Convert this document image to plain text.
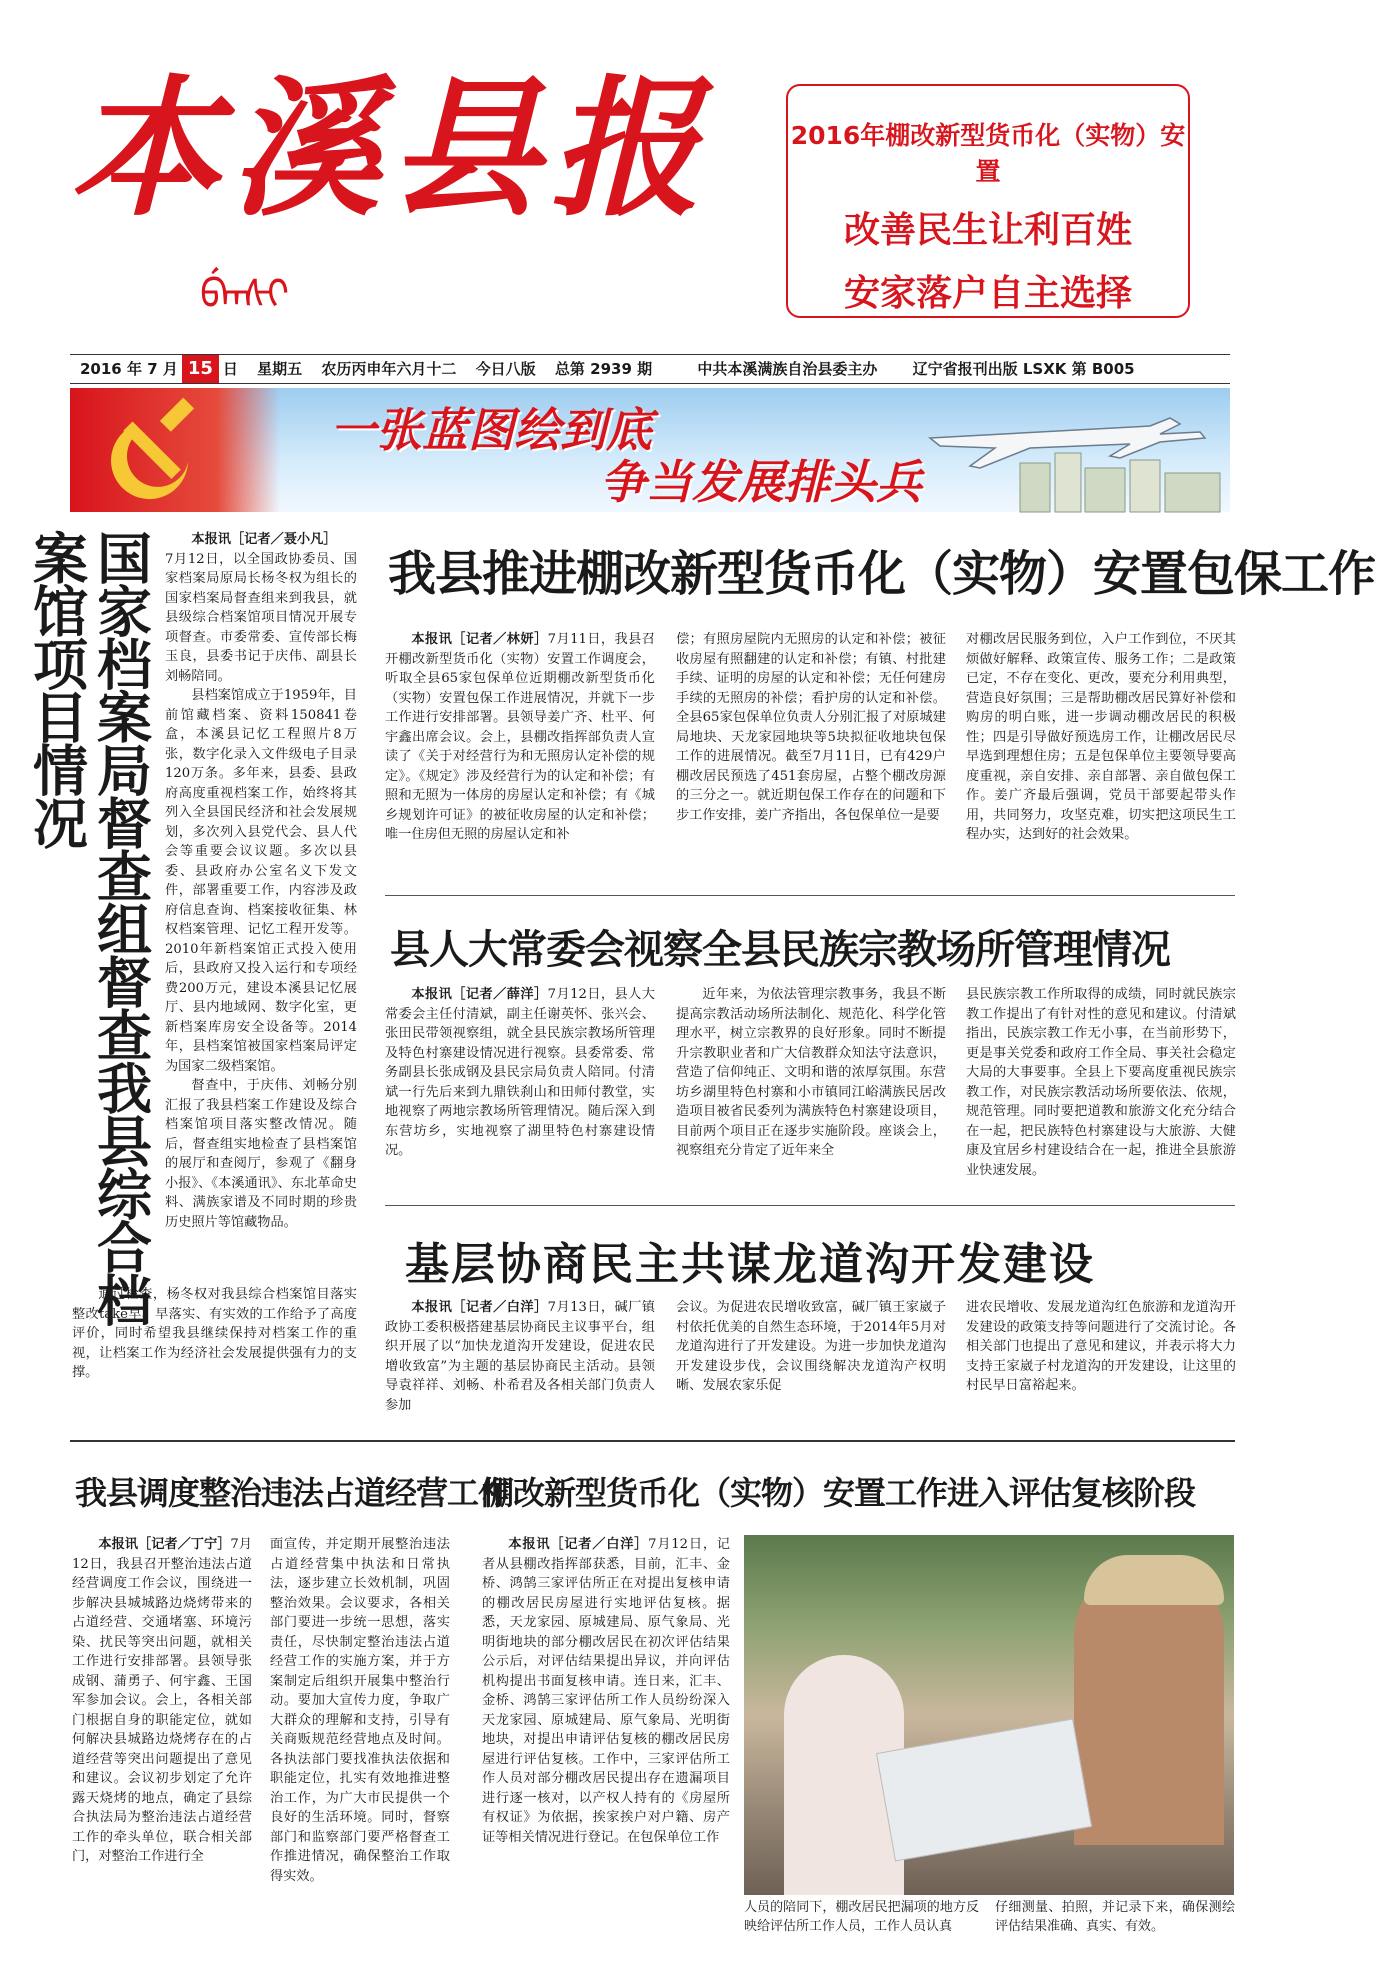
本溪县报
ᠪᡝᠨᠰᡳ
2016年棚改新型货币化（实物）安置
改善民生让利百姓
安家落户自主选择
2016 年 7 月 15 日 星期五 农历丙申年六月十二 今日八版 总第 2939 期	中共本溪满族自治县委主办 辽宁省报刊出版 LSXK 第 B005
一张蓝图绘到底
争当发展排头兵
国家档案局督查组督查我县综合档案馆项目情况	本报讯［记者／聂小凡］

7月12日，以全国政协委员、国家档案局原局长杨冬权为组长的国家档案局督查组来到我县，就县级综合档案馆项目情况开展专项督查。市委常委、宣传部长梅玉良，县委书记于庆伟、副县长刘畅陪同。

县档案馆成立于1959年，目前馆藏档案、资料150841卷盒，本溪县记忆工程照片8万张，数字化录入文件级电子目录120万条。多年来，县委、县政府高度重视档案工作，始终将其列入全县国民经济和社会发展规划，多次列入县党代会、县人代会等重要会议议题。多次以县委、县政府办公室名义下发文件，部署重要工作，内容涉及政府信息查询、档案接收征集、林权档案管理、记忆工程开发等。2010年新档案馆正式投入使用后，县政府又投入运行和专项经费200万元，建设本溪县记忆展厅、县内地域网、数字化室，更新档案库房安全设备等。2014年，县档案馆被国家档案局评定为国家二级档案馆。

督查中，于庆伟、刘畅分别汇报了我县档案工作建设及综合档案馆项目落实整改情况。随后，督查组实地检查了县档案馆的展厅和查阅厅，参观了《翻身小报》、《本溪通讯》、东北革命史料、满族家谱及不同时期的珍贵历史照片等馆藏物品。

通过检查，杨冬权对我县综合档案馆目落实整改take早、早落实、有实效的工作给予了高度评价，同时希望我县继续保持对档案工作的重视，让档案工作为经济社会发展提供强有力的支撑。

我县推进棚改新型货币化（实物）安置包保工作

本报讯［记者／林妍］7月11日，我县召开棚改新型货币化（实物）安置工作调度会，听取全县65家包保单位近期棚改新型货币化（实物）安置包保工作进展情况，并就下一步工作进行安排部署。县领导姜广齐、杜平、何宇鑫出席会议。会上，县棚改指挥部负责人宣读了《关于对经营行为和无照房认定补偿的规定》。《规定》涉及经营行为的认定和补偿；有照和无照为一体房的房屋认定和补偿；有《城乡规划许可证》的被征收房屋的认定和补偿；唯一住房但无照的房屋认定和补

偿；有照房屋院内无照房的认定和补偿；被征收房屋有照翻建的认定和补偿；有镇、村批建手续、证明的房屋的认定和补偿；无任何建房手续的无照房的补偿；看护房的认定和补偿。全县65家包保单位负责人分别汇报了对原城建局地块、天龙家园地块等5块拟征收地块包保工作的进展情况。截至7月11日，已有429户棚改居民预选了451套房屋，占整个棚改房源的三分之一。就近期包保工作存在的问题和下步工作安排，姜广齐指出，各包保单位一是要

对棚改居民服务到位，入户工作到位，不厌其烦做好解释、政策宣传、服务工作；二是政策已定，不存在变化、更改，要充分利用典型，营造良好氛围；三是帮助棚改居民算好补偿和购房的明白账，进一步调动棚改居民的积极性；四是引导做好预选房工作，让棚改居民尽早选到理想住房；五是包保单位主要领导要高度重视，亲自安排、亲自部署、亲自做包保工作。姜广齐最后强调，党员干部要起带头作用，共同努力，攻坚克难，切实把这项民生工程办实，达到好的社会效果。

县人大常委会视察全县民族宗教场所管理情况

本报讯［记者／薛洋］7月12日，县人大常委会主任付清斌，副主任谢英怀、张兴会、张田民带领视察组，就全县民族宗教场所管理及特色村寨建设情况进行视察。县委常委、常务副县长张成钢及县民宗局负责人陪同。付清斌一行先后来到九鼎铁刹山和田师付教堂，实地视察了两地宗教场所管理情况。随后深入到东营坊乡，实地视察了湖里特色村寨建设情况。

近年来，为依法管理宗教事务，我县不断提高宗教活动场所法制化、规范化、科学化管理水平，树立宗教界的良好形象。同时不断提升宗教职业者和广大信教群众知法守法意识，营造了信仰纯正、文明和谐的浓厚氛围。东营坊乡湖里特色村寨和小市镇同江峪满族民居改造项目被省民委列为满族特色村寨建设项目，目前两个项目正在逐步实施阶段。座谈会上，视察组充分肯定了近年来全

县民族宗教工作所取得的成绩，同时就民族宗教工作提出了有针对性的意见和建议。付清斌指出，民族宗教工作无小事，在当前形势下，更是事关党委和政府工作全局、事关社会稳定大局的大事要事。全县上下要高度重视民族宗教工作，对民族宗教活动场所要依法、依规，规范管理。同时要把道教和旅游文化充分结合在一起，把民族特色村寨建设与大旅游、大健康及宜居乡村建设结合在一起，推进全县旅游业快速发展。

基层协商民主共谋龙道沟开发建设

本报讯［记者／白洋］7月13日，碱厂镇政协工委积极搭建基层协商民主议事平台，组织开展了以“加快龙道沟开发建设，促进农民增收致富”为主题的基层协商民主活动。县领导袁祥祥、刘畅、朴希君及各相关部门负责人参加

会议。为促进农民增收致富，碱厂镇王家崴子村依托优美的自然生态环境，于2014年5月对龙道沟进行了开发建设。为进一步加快龙道沟开发建设步伐，会议围绕解决龙道沟产权明晰、发展农家乐促

进农民增收、发展龙道沟红色旅游和龙道沟开发建设的政策支持等问题进行了交流讨论。各相关部门也提出了意见和建议，并表示将大力支持王家崴子村龙道沟的开发建设，让这里的村民早日富裕起来。

我县调度整治违法占道经营工作

本报讯［记者／丁宁］7月12日，我县召开整治违法占道经营调度工作会议，围绕进一步解决县城城路边烧烤带来的占道经营、交通堵塞、环境污染、扰民等突出问题，就相关工作进行安排部署。县领导张成钢、蒲勇子、何宇鑫、王国军参加会议。会上，各相关部门根据自身的职能定位，就如何解决县城路边烧烤存在的占道经营等突出问题提出了意见和建议。会议初步划定了允许露天烧烤的地点，确定了县综合执法局为整治违法占道经营工作的牵头单位，联合相关部门，对整治工作进行全

面宣传，并定期开展整治违法占道经营集中执法和日常执法，逐步建立长效机制，巩固整治效果。会议要求，各相关部门要进一步统一思想，落实责任，尽快制定整治违法占道经营工作的实施方案，并于方案制定后组织开展集中整治行动。要加大宣传力度，争取广大群众的理解和支持，引导有关商贩规范经营地点及时间。各执法部门要找准执法依据和职能定位，扎实有效地推进整治工作，为广大市民提供一个良好的生活环境。同时，督察部门和监察部门要严格督查工作推进情况，确保整治工作取得实效。

棚改新型货币化（实物）安置工作进入评估复核阶段

本报讯［记者／白洋］7月12日，记者从县棚改指挥部获悉，目前，汇丰、金桥、鸿鹄三家评估所正在对提出复核申请的棚改居民房屋进行实地评估复核。据悉，天龙家园、原城建局、原气象局、光明街地块的部分棚改居民在初次评估结果公示后，对评估结果提出异议，并向评估机构提出书面复核申请。连日来，汇丰、金桥、鸿鹄三家评估所工作人员纷纷深入天龙家园、原城建局、原气象局、光明街地块，对提出申请评估复核的棚改居民房屋进行评估复核。工作中，三家评估所工作人员对部分棚改居民提出存在遗漏项目进行逐一核对，以产权人持有的《房屋所有权证》为依据，挨家挨户对户籍、房产证等相关情况进行登记。在包保单位工作

人员的陪同下，棚改居民把漏项的地方反映给评估所工作人员，工作人员认真

仔细测量、拍照，并记录下来，确保测绘评估结果准确、真实、有效。
